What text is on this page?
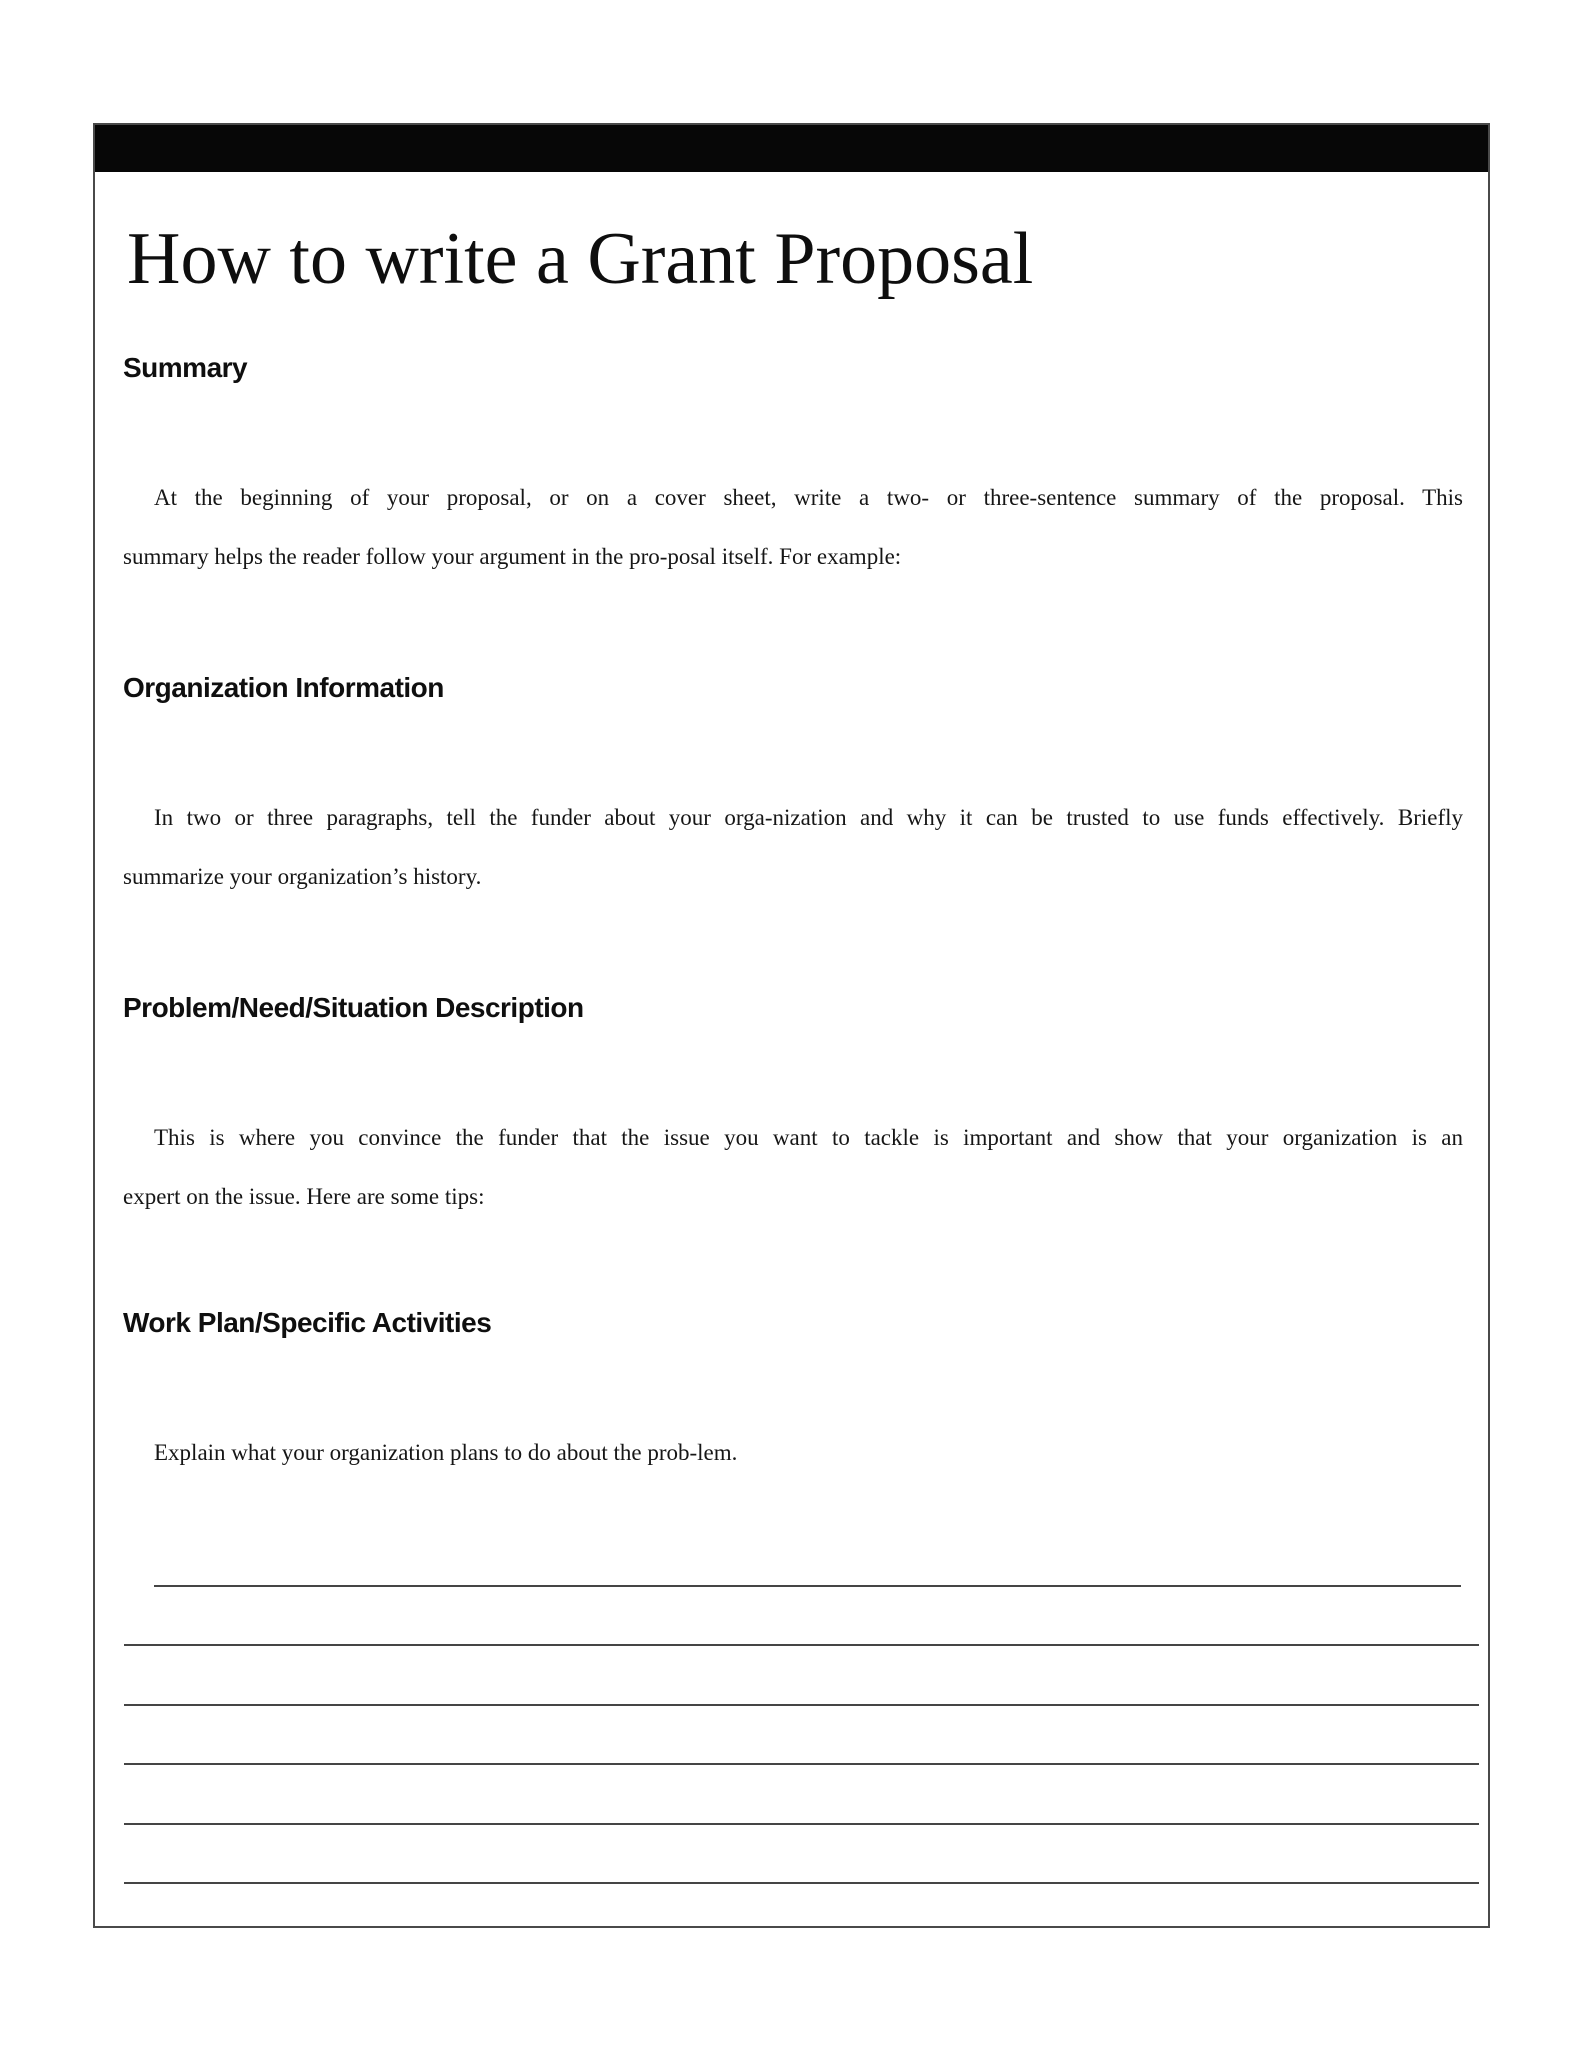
How to write a Grant Proposal
Summary
At the beginning of your proposal, or on a cover sheet, write a two- or three-sentence summary of the proposal. This
summary helps the reader follow your argument in the pro-posal itself. For example:
Organization Information
In two or three paragraphs, tell the funder about your orga-nization and why it can be trusted to use funds effectively. Briefly
summarize your organization’s history.
Problem/Need/Situation Description
This is where you convince the funder that the issue you want to tackle is important and show that your organization is an
expert on the issue. Here are some tips:
Work Plan/Specific Activities
Explain what your organization plans to do about the prob-lem.
